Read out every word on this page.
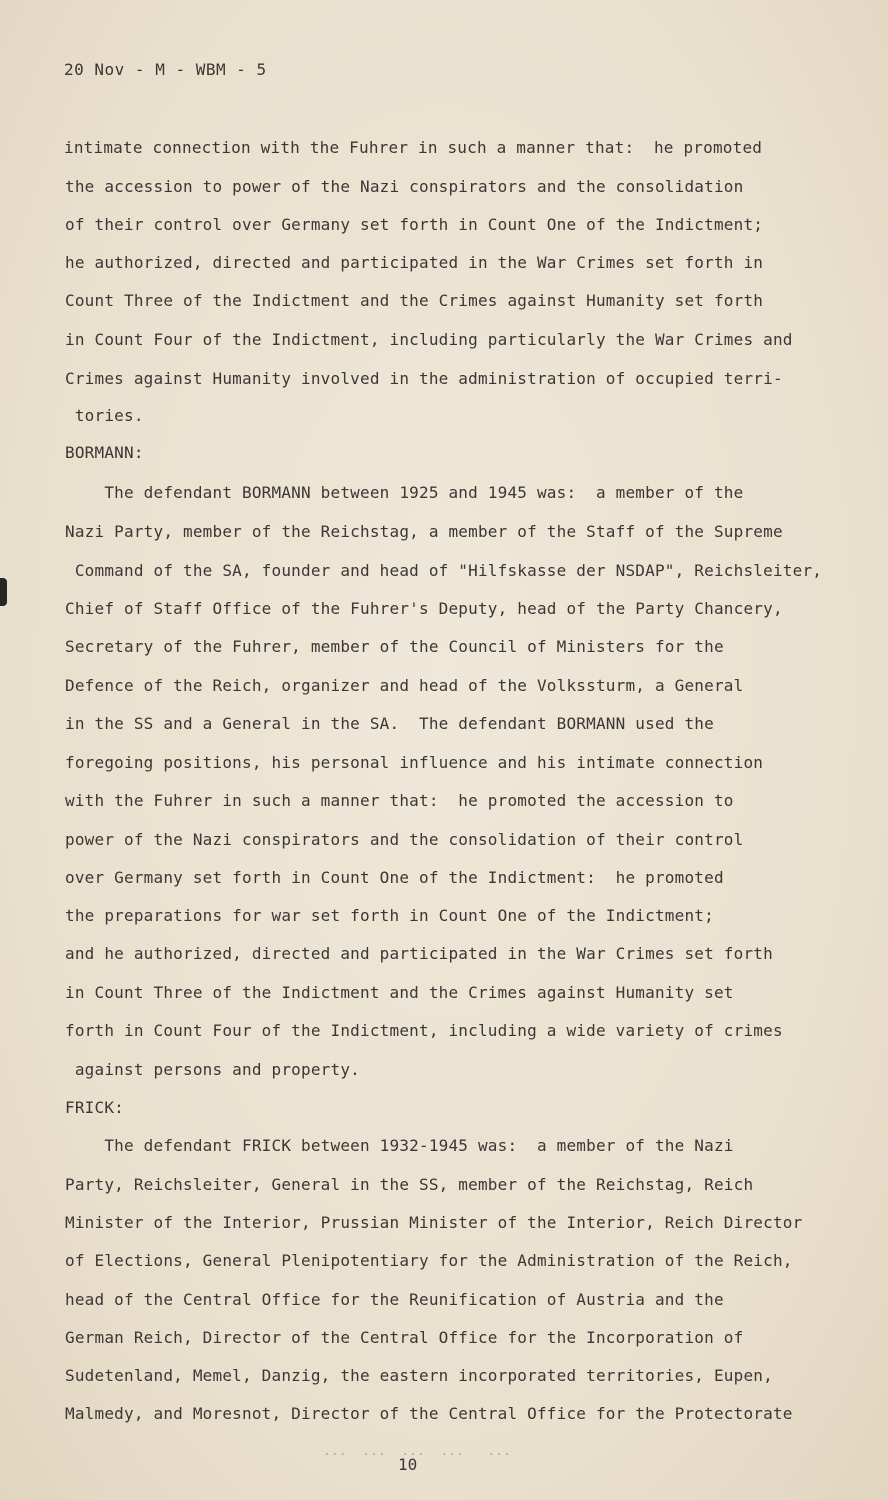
20 Nov - M - WBM - 5
intimate connection with the Fuhrer in such a manner that:  he promoted
the accession to power of the Nazi conspirators and the consolidation
of their control over Germany set forth in Count One of the Indictment;
he authorized, directed and participated in the War Crimes set forth in
Count Three of the Indictment and the Crimes against Humanity set forth
in Count Four of the Indictment, including particularly the War Crimes and
Crimes against Humanity involved in the administration of occupied terri-
tories.
BORMANN:
The defendant BORMANN between 1925 and 1945 was:  a member of the
Nazi Party, member of the Reichstag, a member of the Staff of the Supreme
Command of the SA, founder and head of "Hilfskasse der NSDAP", Reichsleiter,
Chief of Staff Office of the Fuhrer's Deputy, head of the Party Chancery,
Secretary of the Fuhrer, member of the Council of Ministers for the
Defence of the Reich, organizer and head of the Volkssturm, a General
in the SS and a General in the SA.  The defendant BORMANN used the
foregoing positions, his personal influence and his intimate connection
with the Fuhrer in such a manner that:  he promoted the accession to
power of the Nazi conspirators and the consolidation of their control
over Germany set forth in Count One of the Indictment:  he promoted
the preparations for war set forth in Count One of the Indictment;
and he authorized, directed and participated in the War Crimes set forth
in Count Three of the Indictment and the Crimes against Humanity set
forth in Count Four of the Indictment, including a wide variety of crimes
against persons and property.
FRICK:
The defendant FRICK between 1932-1945 was:  a member of the Nazi
Party, Reichsleiter, General in the SS, member of the Reichstag, Reich
Minister of the Interior, Prussian Minister of the Interior, Reich Director
of Elections, General Plenipotentiary for the Administration of the Reich,
head of the Central Office for the Reunification of Austria and the
German Reich, Director of the Central Office for the Incorporation of
Sudetenland, Memel, Danzig, the eastern incorporated territories, Eupen,
Malmedy, and Moresnot, Director of the Central Office for the Protectorate
...  ...  ...  ...   ...
10
